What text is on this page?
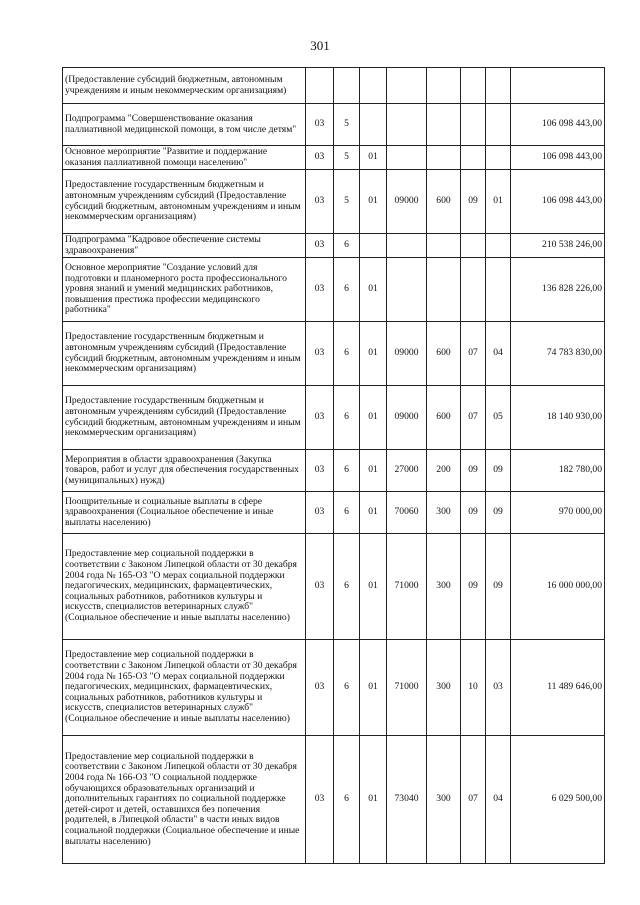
301
(Предоставление субсидий бюджетным, автономным учреждениям и иным некоммерческим организациям)								
Подпрограмма "Совершенствование оказания паллиативной медицинской помощи, в том числе детям"	03	5						106 098 443,00
Основное мероприятие "Развитие и поддержание оказания паллиативной помощи населению"	03	5	01					106 098 443,00
Предоставление государственным бюджетным и автономным учреждениям субсидий (Предоставление субсидий бюджетным, автономным учреждениям и иным некоммерческим организациям)	03	5	01	09000	600	09	01	106 098 443,00
Подпрограмма "Кадровое обеспечение системы здравоохранения"	03	6						210 538 246,00
Основное мероприятие "Создание условий для подготовки и планомерного роста профессионального уровня знаний и умений медицинских работников, повышения престижа профессии медицинского работника"	03	6	01					136 828 226,00
Предоставление государственным бюджетным и автономным учреждениям субсидий (Предоставление субсидий бюджетным, автономным учреждениям и иным некоммерческим организациям)	03	6	01	09000	600	07	04	74 783 830,00
Предоставление государственным бюджетным и автономным учреждениям субсидий (Предоставление субсидий бюджетным, автономным учреждениям и иным некоммерческим организациям)	03	6	01	09000	600	07	05	18 140 930,00
Мероприятия в области здравоохранения (Закупка товаров, работ и услуг для обеспечения государственных (муниципальных) нужд)	03	6	01	27000	200	09	09	182 780,00
Поощрительные и социальные выплаты в сфере здравоохранения (Социальное обеспечение и иные выплаты населению)	03	6	01	70060	300	09	09	970 000,00
Предоставление мер социальной поддержки в соответствии с Законом Липецкой области от 30 декабря 2004 года № 165-ОЗ "О мерах социальной поддержки педагогических, медицинских, фармацевтических, социальных работников, работников культуры и искусств, специалистов ветеринарных служб" (Социальное обеспечение и иные выплаты населению)	03	6	01	71000	300	09	09	16 000 000,00
Предоставление мер социальной поддержки в соответствии с Законом Липецкой области от 30 декабря 2004 года № 165-ОЗ "О мерах социальной поддержки педагогических, медицинских, фармацевтических, социальных работников, работников культуры и искусств, специалистов ветеринарных служб" (Социальное обеспечение и иные выплаты населению)	03	6	01	71000	300	10	03	11 489 646,00
Предоставление мер социальной поддержки в соответствии с Законом Липецкой области от 30 декабря 2004 года № 166-ОЗ "О социальной поддержке обучающихся образовательных организаций и дополнительных гарантиях по социальной поддержке детей-сирот и детей, оставшихся без попечения родителей, в Липецкой области" в части иных видов социальной поддержки (Социальное обеспечение и иные выплаты населению)	03	6	01	73040	300	07	04	6 029 500,00
